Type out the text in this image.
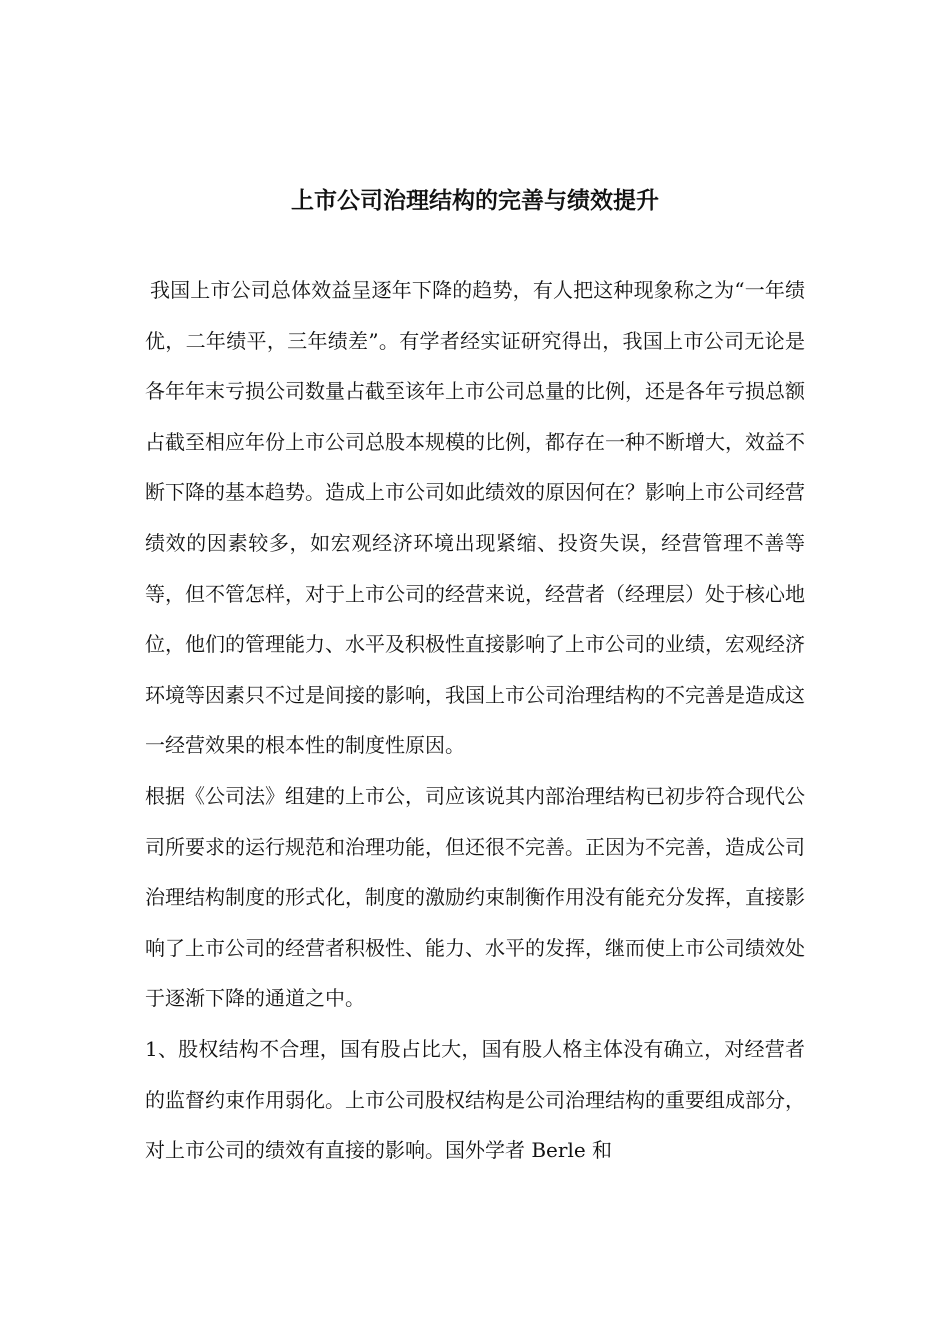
上市公司治理结构的完善与绩效提升

我国上市公司总体效益呈逐年下降的趋势，有人把这种现象称之为“一年绩优，二年绩平，三年绩差”。有学者经实证研究得出，我国上市公司无论是各年年末亏损公司数量占截至该年上市公司总量的比例，还是各年亏损总额占截至相应年份上市公司总股本规模的比例，都存在一种不断增大，效益不断下降的基本趋势。造成上市公司如此绩效的原因何在？影响上市公司经营绩效的因素较多，如宏观经济环境出现紧缩、投资失误，经营管理不善等等，但不管怎样，对于上市公司的经营来说，经营者（经理层）处于核心地位，他们的管理能力、水平及积极性直接影响了上市公司的业绩，宏观经济环境等因素只不过是间接的影响，我国上市公司治理结构的不完善是造成这一经营效果的根本性的制度性原因。

根据《公司法》组建的上市公，司应该说其内部治理结构已初步符合现代公司所要求的运行规范和治理功能，但还很不完善。正因为不完善，造成公司治理结构制度的形式化，制度的激励约束制衡作用没有能充分发挥，直接影响了上市公司的经营者积极性、能力、水平的发挥，继而使上市公司绩效处于逐渐下降的通道之中。

1、股权结构不合理，国有股占比大，国有股人格主体没有确立，对经营者的监督约束作用弱化。上市公司股权结构是公司治理结构的重要组成部分，对上市公司的绩效有直接的影响。国外学者 Berle 和
